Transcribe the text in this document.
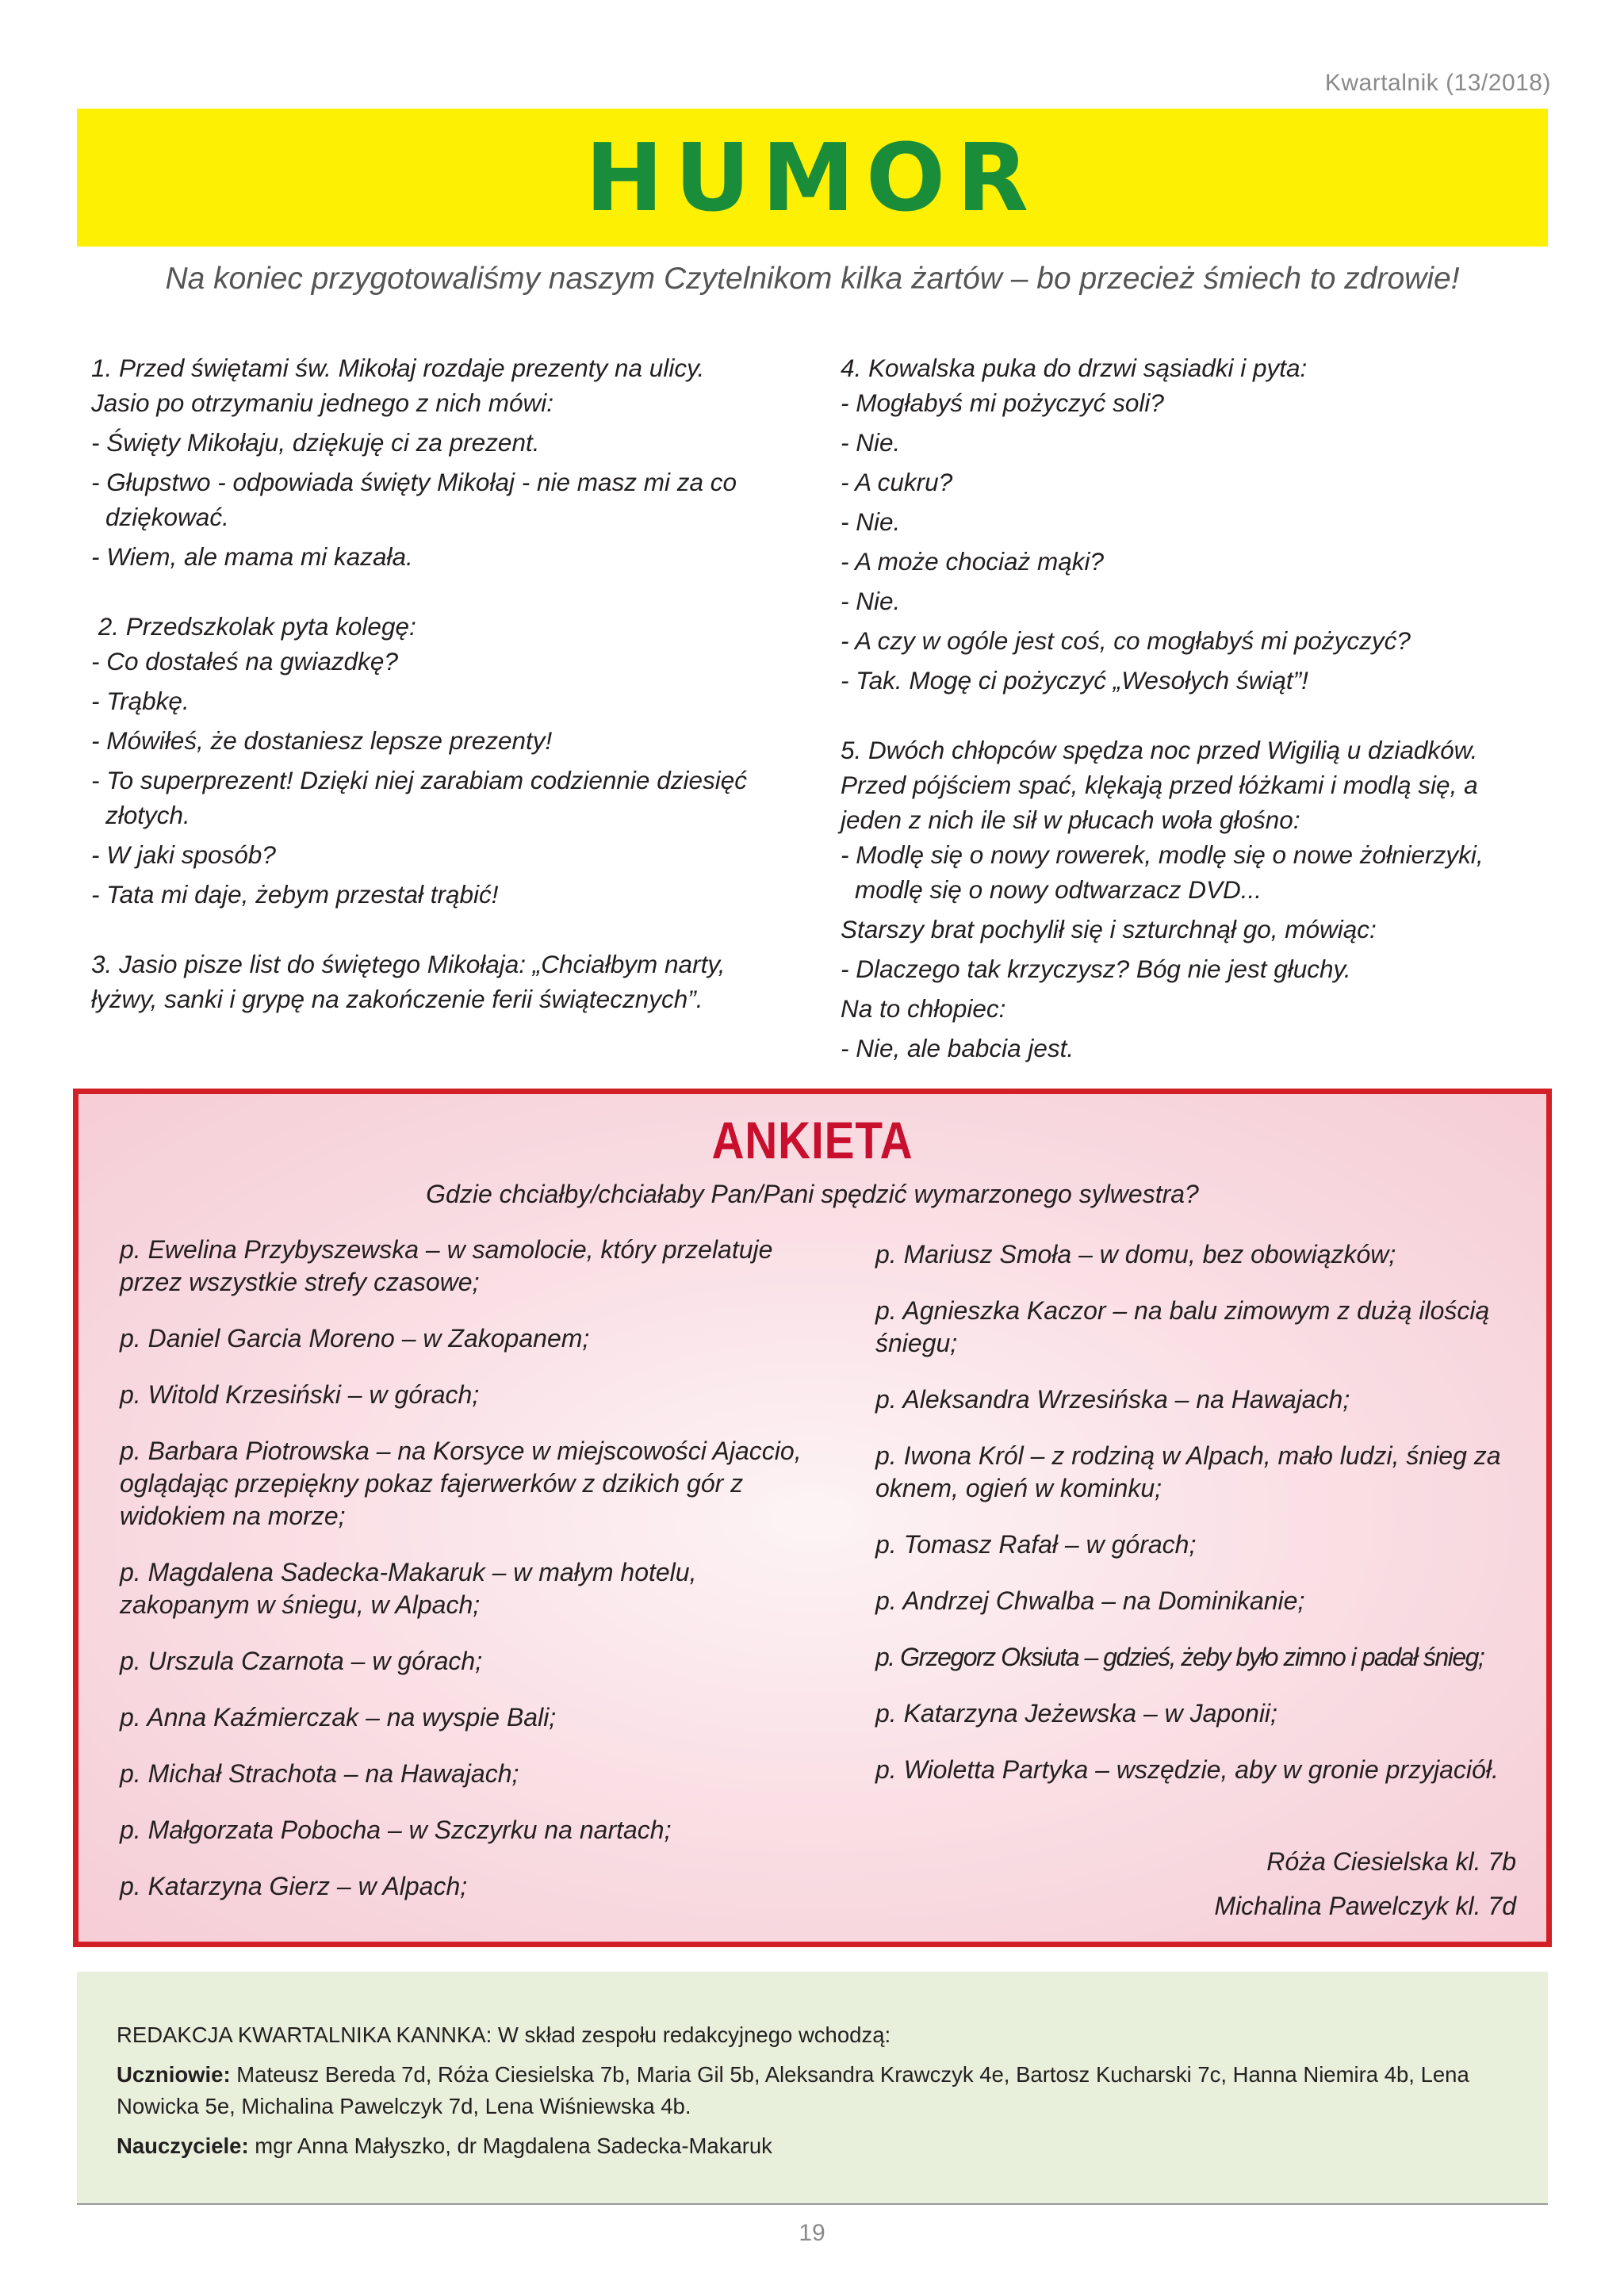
Kwartalnik (13/2018)
HUMOR
Na koniec przygotowaliśmy naszym Czytelnikom kilka żartów – bo przecież śmiech to zdrowie!
1. Przed świętami św. Mikołaj rozdaje prezenty na ulicy.
Jasio po otrzymaniu jednego z nich mówi:
- Święty Mikołaju, dziękuję ci za prezent.
- Głupstwo - odpowiada święty Mikołaj - nie masz mi za co dziękować.
- Wiem, ale mama mi kazała.
2. Przedszkolak pyta kolegę:
- Co dostałeś na gwiazdkę?
- Trąbkę.
- Mówiłeś, że dostaniesz lepsze prezenty!
- To superprezent! Dzięki niej zarabiam codziennie dziesięć złotych.
- W jaki sposób?
- Tata mi daje, żebym przestał trąbić!
3. Jasio pisze list do świętego Mikołaja: „Chciałbym narty, łyżwy, sanki i grypę na zakończenie ferii świątecznych”.
4. Kowalska puka do drzwi sąsiadki i pyta:
- Mogłabyś mi pożyczyć soli?
- Nie.
- A cukru?
- Nie.
- A może chociaż mąki?
- Nie.
- A czy w ogóle jest coś, co mogłabyś mi pożyczyć?
- Tak. Mogę ci pożyczyć „Wesołych świąt”!
5. Dwóch chłopców spędza noc przed Wigilią u dziadków. Przed pójściem spać, klękają przed łóżkami i modlą się, a jeden z nich ile sił w płucach woła głośno:
- Modlę się o nowy rowerek, modlę się o nowe żołnierzyki, modlę się o nowy odtwarzacz DVD...
Starszy brat pochylił się i szturchnął go, mówiąc:
- Dlaczego tak krzyczysz? Bóg nie jest głuchy.
Na to chłopiec:
- Nie, ale babcia jest.
ANKIETA
Gdzie chciałby/chciałaby Pan/Pani spędzić wymarzonego sylwestra?
p. Ewelina Przybyszewska – w samolocie, który przelatuje przez wszystkie strefy czasowe;
p. Daniel Garcia Moreno – w Zakopanem;
p. Witold Krzesiński – w górach;
p. Barbara Piotrowska – na Korsyce w miejscowości Ajaccio, oglądając przepiękny pokaz fajerwerków z dzikich gór z widokiem na morze;
p. Magdalena Sadecka-Makaruk – w małym hotelu, zakopanym w śniegu, w Alpach;
p. Urszula Czarnota – w górach;
p. Anna Kaźmierczak – na wyspie Bali;
p. Michał Strachota – na Hawajach;
p. Małgorzata Pobocha – w Szczyrku na nartach;
p. Katarzyna Gierz – w Alpach;
p. Mariusz Smoła – w domu, bez obowiązków;
p. Agnieszka Kaczor – na balu zimowym z dużą ilością śniegu;
p. Aleksandra Wrzesińska – na Hawajach;
p. Iwona Król – z rodziną w Alpach, mało ludzi, śnieg za oknem, ogień w kominku;
p. Tomasz Rafał – w górach;
p. Andrzej Chwalba – na Dominikanie;
p. Grzegorz Oksiuta – gdzieś, żeby było zimno i padał śnieg;
p. Katarzyna Jeżewska – w Japonii;
p. Wioletta Partyka – wszędzie, aby w gronie przyjaciół.
Róża Ciesielska kl. 7b
Michalina Pawelczyk kl. 7d

REDAKCJA KWARTALNIKA KANNKA: W skład zespołu redakcyjnego wchodzą:

Uczniowie: Mateusz Bereda 7d, Róża Ciesielska 7b, Maria Gil 5b, Aleksandra Krawczyk 4e, Bartosz Kucharski 7c, Hanna Niemira 4b, Lena Nowicka 5e, Michalina Pawelczyk 7d, Lena Wiśniewska 4b.

Nauczyciele: mgr Anna Małyszko, dr Magdalena Sadecka-Makaruk

19
